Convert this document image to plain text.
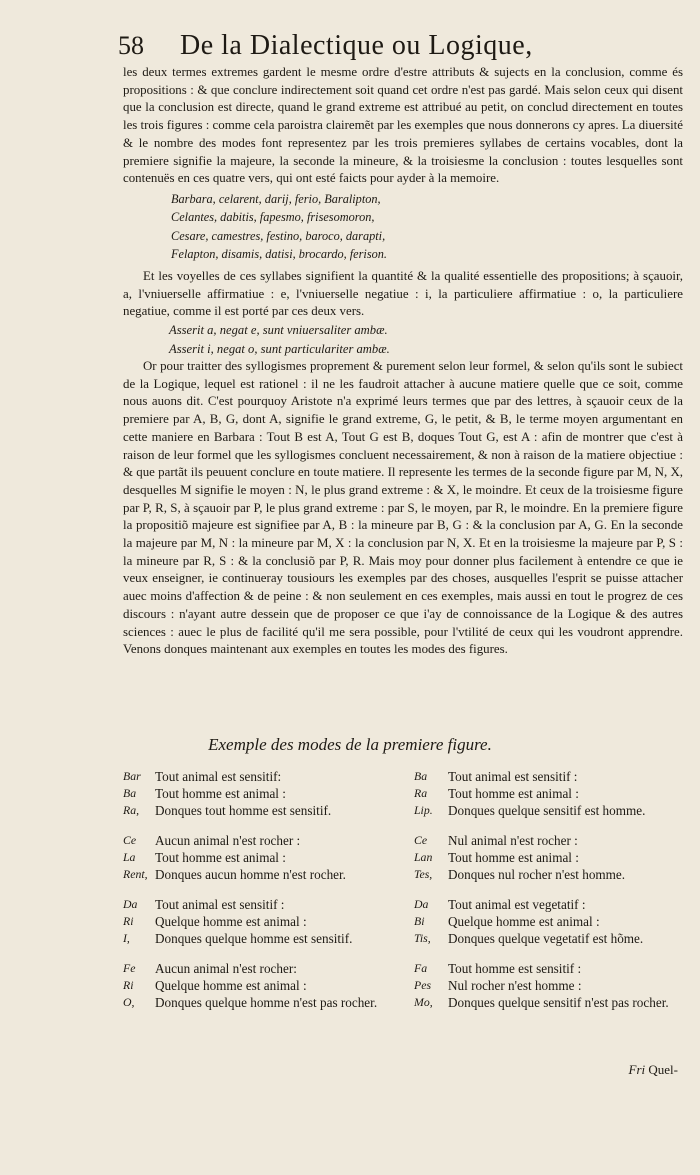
58 De la Dialectique ou Logique,

les deux termes extremes gardent le mesme ordre d'estre attributs & sujects en la conclusion, comme és propositions : & que conclure indirectement soit quand cet ordre n'est pas gardé. Mais selon ceux qui disent que la conclusion est directe, quand le grand extreme est attribué au petit, on conclud directement en toutes les trois figures : comme cela paroistra clairemẽt par les exemples que nous donnerons cy apres. La diuersité & le nombre des modes font representez par les trois premieres syllabes de certains vocables, dont la premiere signifie la majeure, la seconde la mineure, & la troisiesme la conclusion : toutes lesquelles sont contenuës en ces quatre vers, qui ont esté faicts pour ayder à la memoire.

Barbara, celarent, darij, ferio, Baralipton,
Celantes, dabitis, fapesmo, frisesomoron,
Cesare, camestres, festino, baroco, darapti,
Felapton, disamis, datisi, brocardo, ferison.

Et les voyelles de ces syllabes signifient la quantité & la qualité essentielle des propositions; à sçauoir, a, l'vniuerselle affirmatiue : e, l'vniuerselle negatiue : i, la particuliere affirmatiue : o, la particuliere negatiue, comme il est porté par ces deux vers.

Asserit a, negat e, sunt vniuersaliter ambæ.
Asserit i, negat o, sunt particulariter ambæ.

Or pour traitter des syllogismes proprement & purement selon leur formel, & selon qu'ils sont le subiect de la Logique, lequel est rationel : il ne les faudroit attacher à aucune matiere quelle que ce soit, comme nous auons dit. C'est pourquoy Aristote n'a exprimé leurs termes que par des lettres, à sçauoir ceux de la premiere par A, B, G, dont A, signifie le grand extreme, G, le petit, & B, le terme moyen argumentant en cette maniere en Barbara : Tout B est A, Tout G est B, doques Tout G, est A : afin de montrer que c'est à raison de leur formel que les syllogismes concluent necessairement, & non à raison de la matiere objectiue : & que partãt ils peuuent conclure en toute matiere. Il represente les termes de la seconde figure par M, N, X, desquelles M signifie le moyen : N, le plus grand extreme : & X, le moindre. Et ceux de la troisiesme figure par P, R, S, à sçauoir par P, le plus grand extreme : par S, le moyen, par R, le moindre. En la premiere figure la propositiõ majeure est signifiee par A, B : la mineure par B, G : & la conclusion par A, G. En la seconde la majeure par M, N : la mineure par M, X : la conclusion par N, X. Et en la troisiesme la majeure par P, S : la mineure par R, S : & la conclusiõ par P, R. Mais moy pour donner plus facilement à entendre ce que ie veux enseigner, ie continueray tousiours les exemples par des choses, ausquelles l'esprit se puisse attacher auec moins d'affection & de peine : & non seulement en ces exemples, mais aussi en tout le progrez de ces discours : n'ayant autre dessein que de proposer ce que i'ay de connoissance de la Logique & des autres sciences : auec le plus de facilité qu'il me sera possible, pour l'vtilité de ceux qui les voudront apprendre. Venons donques maintenant aux exemples en toutes les modes des figures.

Exemple des modes de la premiere figure.
Bar	Tout animal est sensitif:
Ba	Tout homme est animal :
Ra,	Donques tout homme est sensitif.
Ce	Aucun animal n'est rocher :
La	Tout homme est animal :
Rent, Donques aucun homme n'est rocher.
Da	Tout animal est sensitif :
Ri	Quelque homme est animal :
I,	Donques quelque homme est sensitif.
Fe	Aucun animal n'est rocher:
Ri	Quelque homme est animal :
O,	Donques quelque homme n'est pas rocher.
Ba	Tout animal est sensitif :
Ra	Tout homme est animal :
Lip.	Donques quelque sensitif est homme.
Ce	Nul animal n'est rocher :
Lan	Tout homme est animal :
Tes,	Donques nul rocher n'est homme.
Da	Tout animal est vegetatif :
Bi	Quelque homme est animal :
Tis,	Donques quelque vegetatif est hõme.
Fa	Tout homme est sensitif :
Pes	Nul rocher n'est homme :
Mo,	Donques quelque sensitif n'est pas rocher.
Fri Quel-
